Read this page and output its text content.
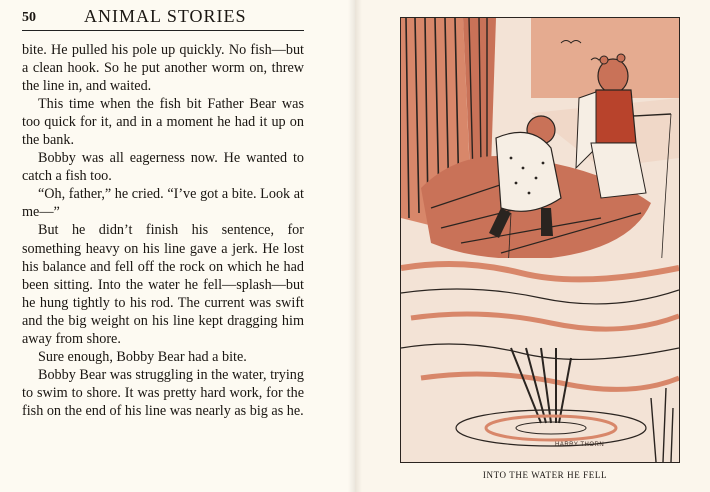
50	ANIMAL STORIES

bite. He pulled his pole up quickly. No fish—but a clean hook. So he put another worm on, threw the line in, and waited.

This time when the fish bit Father Bear was too quick for it, and in a moment he had it up on the bank.

Bobby was all eagerness now. He wanted to catch a fish too.

“Oh, father,” he cried. “I’ve got a bite. Look at me—”

But he didn’t finish his sentence, for something heavy on his line gave a jerk. He lost his balance and fell off the rock on which he had been sitting. Into the water he fell—splash—but he hung tightly to his rod. The current was swift and the big weight on his line kept dragging him away from shore.

Sure enough, Bobby Bear had a bite.

Bobby Bear was struggling in the water, trying to swim to shore. It was pretty hard work, for the fish on the end of his line was nearly as big as he.

HARRY THORN
INTO THE WATER HE FELL
